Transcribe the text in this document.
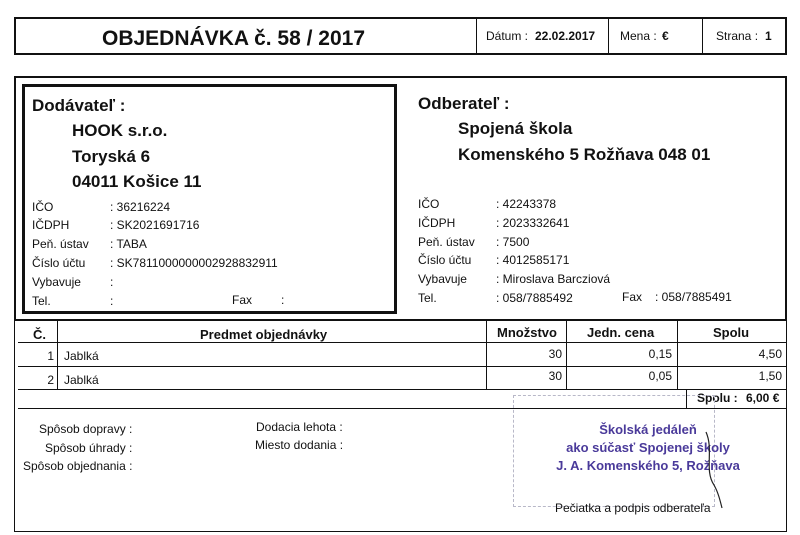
OBJEDNÁVKA č. 58 / 2017	Dátum : 22.02.2017 Mena : €	Strana : 1
Dodávateľ :
HOOK s.r.o.
Toryská 6
04011 Košice 11
IČO	: 36216224
IČDPH	: SK2021691716
Peň. ústav : TABA
Číslo účtu : SK7811000000002928832911
Vybavuje :
Tel.	:	Fax :
Odberateľ :
Spojená škola
Komenského 5 Rožňava 048 01
IČO	: 42243378
IČDPH	: 2023332641
Peň. ústav : 7500
Číslo účtu : 4012585171
Vybavuje : Miroslava Barcziová
Tel.	: 058/7885492	Fax : 058/7885491
Č.	Predmet objednávky	Množstvo Jedn. cena	Spolu
1 Jablká	30	0,15	4,50
2 Jablká	30	0,05	1,50
Spolu : 6,00 €
Spôsob dopravy :
Spôsob úhrady :
Spôsob objednania :
Dodacia lehota :
Miesto dodania :
Školská jedáleň
ako súčasť Spojenej školy
J. A. Komenského 5, Rožňava
Pečiatka a podpis odberateľa
